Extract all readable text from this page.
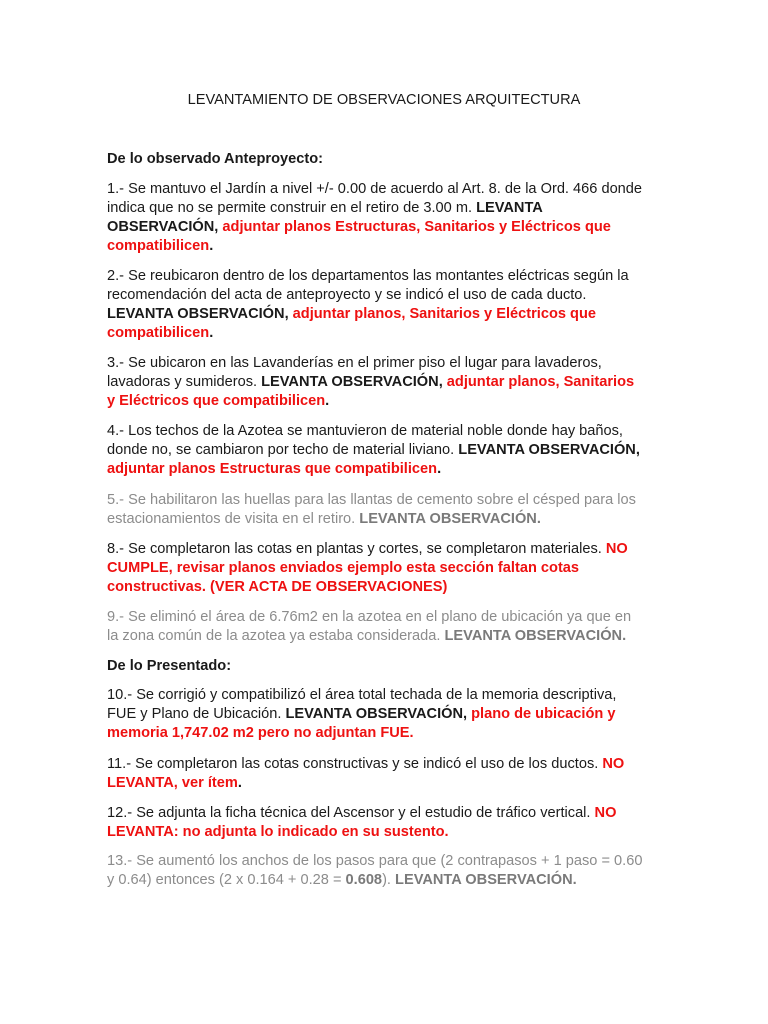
LEVANTAMIENTO DE OBSERVACIONES ARQUITECTURA
De lo observado Anteproyecto:
1.- Se mantuvo el Jardín a nivel +/- 0.00 de acuerdo al Art. 8. de la Ord. 466 donde
indica que no se permite construir en el retiro de 3.00 m. LEVANTA
OBSERVACIÓN, adjuntar planos Estructuras, Sanitarios y Eléctricos que
compatibilicen.
2.- Se reubicaron dentro de los departamentos las montantes eléctricas según la
recomendación del acta de anteproyecto y se indicó el uso de cada ducto.
LEVANTA OBSERVACIÓN, adjuntar planos, Sanitarios y Eléctricos que
compatibilicen.
3.- Se ubicaron en las Lavanderías en el primer piso el lugar para lavaderos,
lavadoras y sumideros. LEVANTA OBSERVACIÓN, adjuntar planos, Sanitarios
y Eléctricos que compatibilicen.
4.- Los techos de la Azotea se mantuvieron de material noble donde hay baños,
donde no, se cambiaron por techo de material liviano. LEVANTA OBSERVACIÓN,
adjuntar planos Estructuras que compatibilicen.
5.- Se habilitaron las huellas para las llantas de cemento sobre el césped para los
estacionamientos de visita en el retiro. LEVANTA OBSERVACIÓN.
8.- Se completaron las cotas en plantas y cortes, se completaron materiales. NO
CUMPLE, revisar planos enviados ejemplo esta sección faltan cotas
constructivas. (VER ACTA DE OBSERVACIONES)
9.- Se eliminó el área de 6.76m2 en la azotea en el plano de ubicación ya que en
la zona común de la azotea ya estaba considerada. LEVANTA OBSERVACIÓN.
De lo Presentado:
10.- Se corrigió y compatibilizó el área total techada de la memoria descriptiva,
FUE y Plano de Ubicación. LEVANTA OBSERVACIÓN, plano de ubicación y
memoria 1,747.02 m2 pero no adjuntan FUE.
11.- Se completaron las cotas constructivas y se indicó el uso de los ductos. NO
LEVANTA, ver ítem.
12.- Se adjunta la ficha técnica del Ascensor y el estudio de tráfico vertical. NO
LEVANTA: no adjunta lo indicado en su sustento.
13.- Se aumentó los anchos de los pasos para que (2 contrapasos + 1 paso = 0.60
y 0.64) entonces (2 x 0.164 + 0.28 = 0.608). LEVANTA OBSERVACIÓN.
